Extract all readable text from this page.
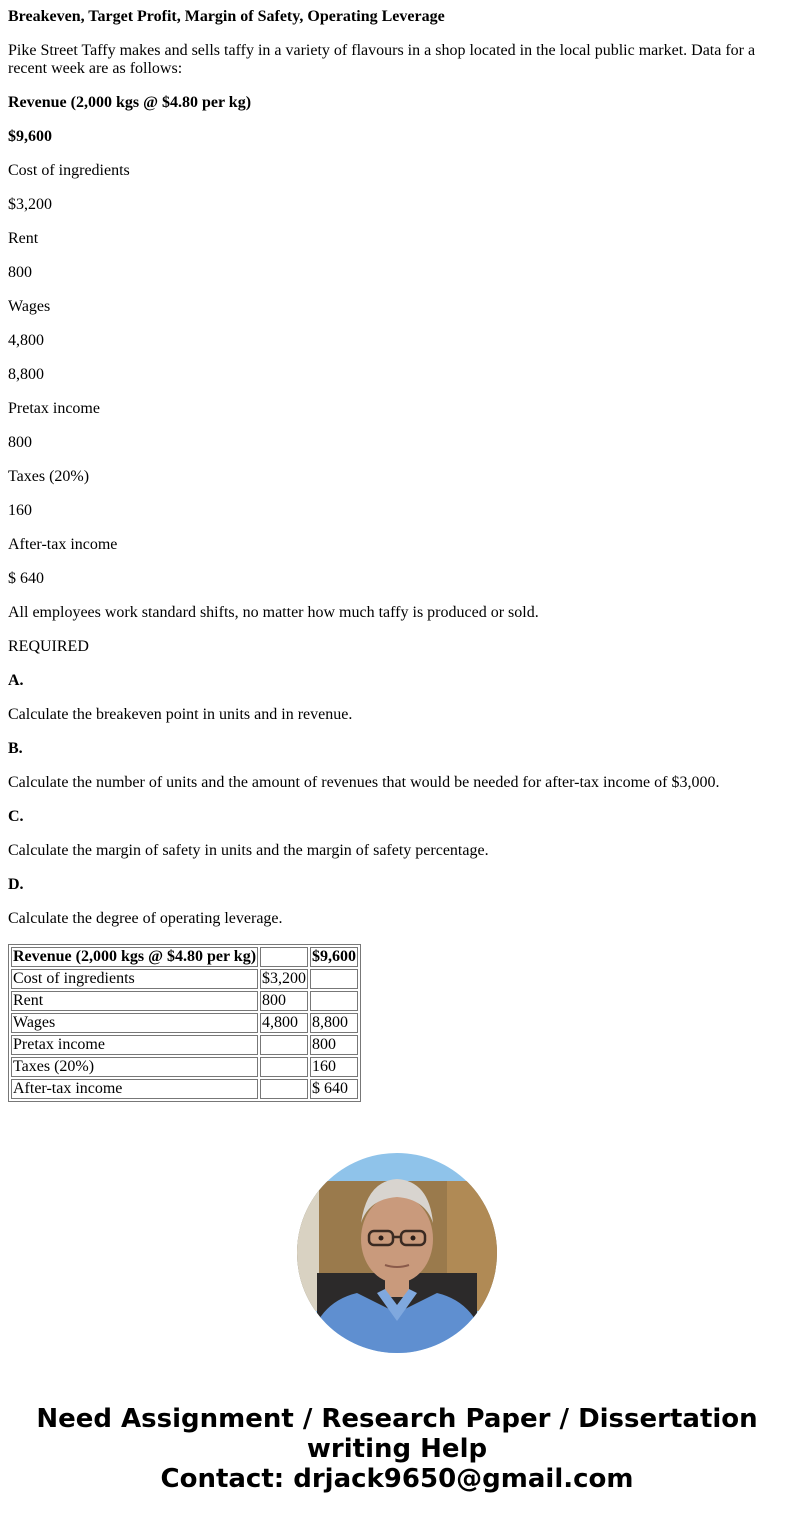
Breakeven, Target Profit, Margin of Safety, Operating Leverage

Pike Street Taffy makes and sells taffy in a variety of flavours in a shop located in the local public market. Data for a recent week are as follows:

Revenue (2,000 kgs @ $4.80 per kg)

$9,600

Cost of ingredients

$3,200

Rent

800

Wages

4,800

8,800

Pretax income

800

Taxes (20%)

160

After-tax income

$ 640

All employees work standard shifts, no matter how much taffy is produced or sold.

REQUIRED

A.

Calculate the breakeven point in units and in revenue.

B.

Calculate the number of units and the amount of revenues that would be needed for after-tax income of $3,000.

C.

Calculate the margin of safety in units and the margin of safety percentage.

D.

Calculate the degree of operating leverage.

Revenue (2,000 kgs @ $4.80 per kg)		$9,600
Cost of ingredients	$3,200	
Rent	800	
Wages	4,800	8,800
Pretax income		800
Taxes (20%)		160
After-tax income		$ 640
Need Assignment / Research Paper / Dissertation
writing Help
Contact: drjack9650@gmail.com
